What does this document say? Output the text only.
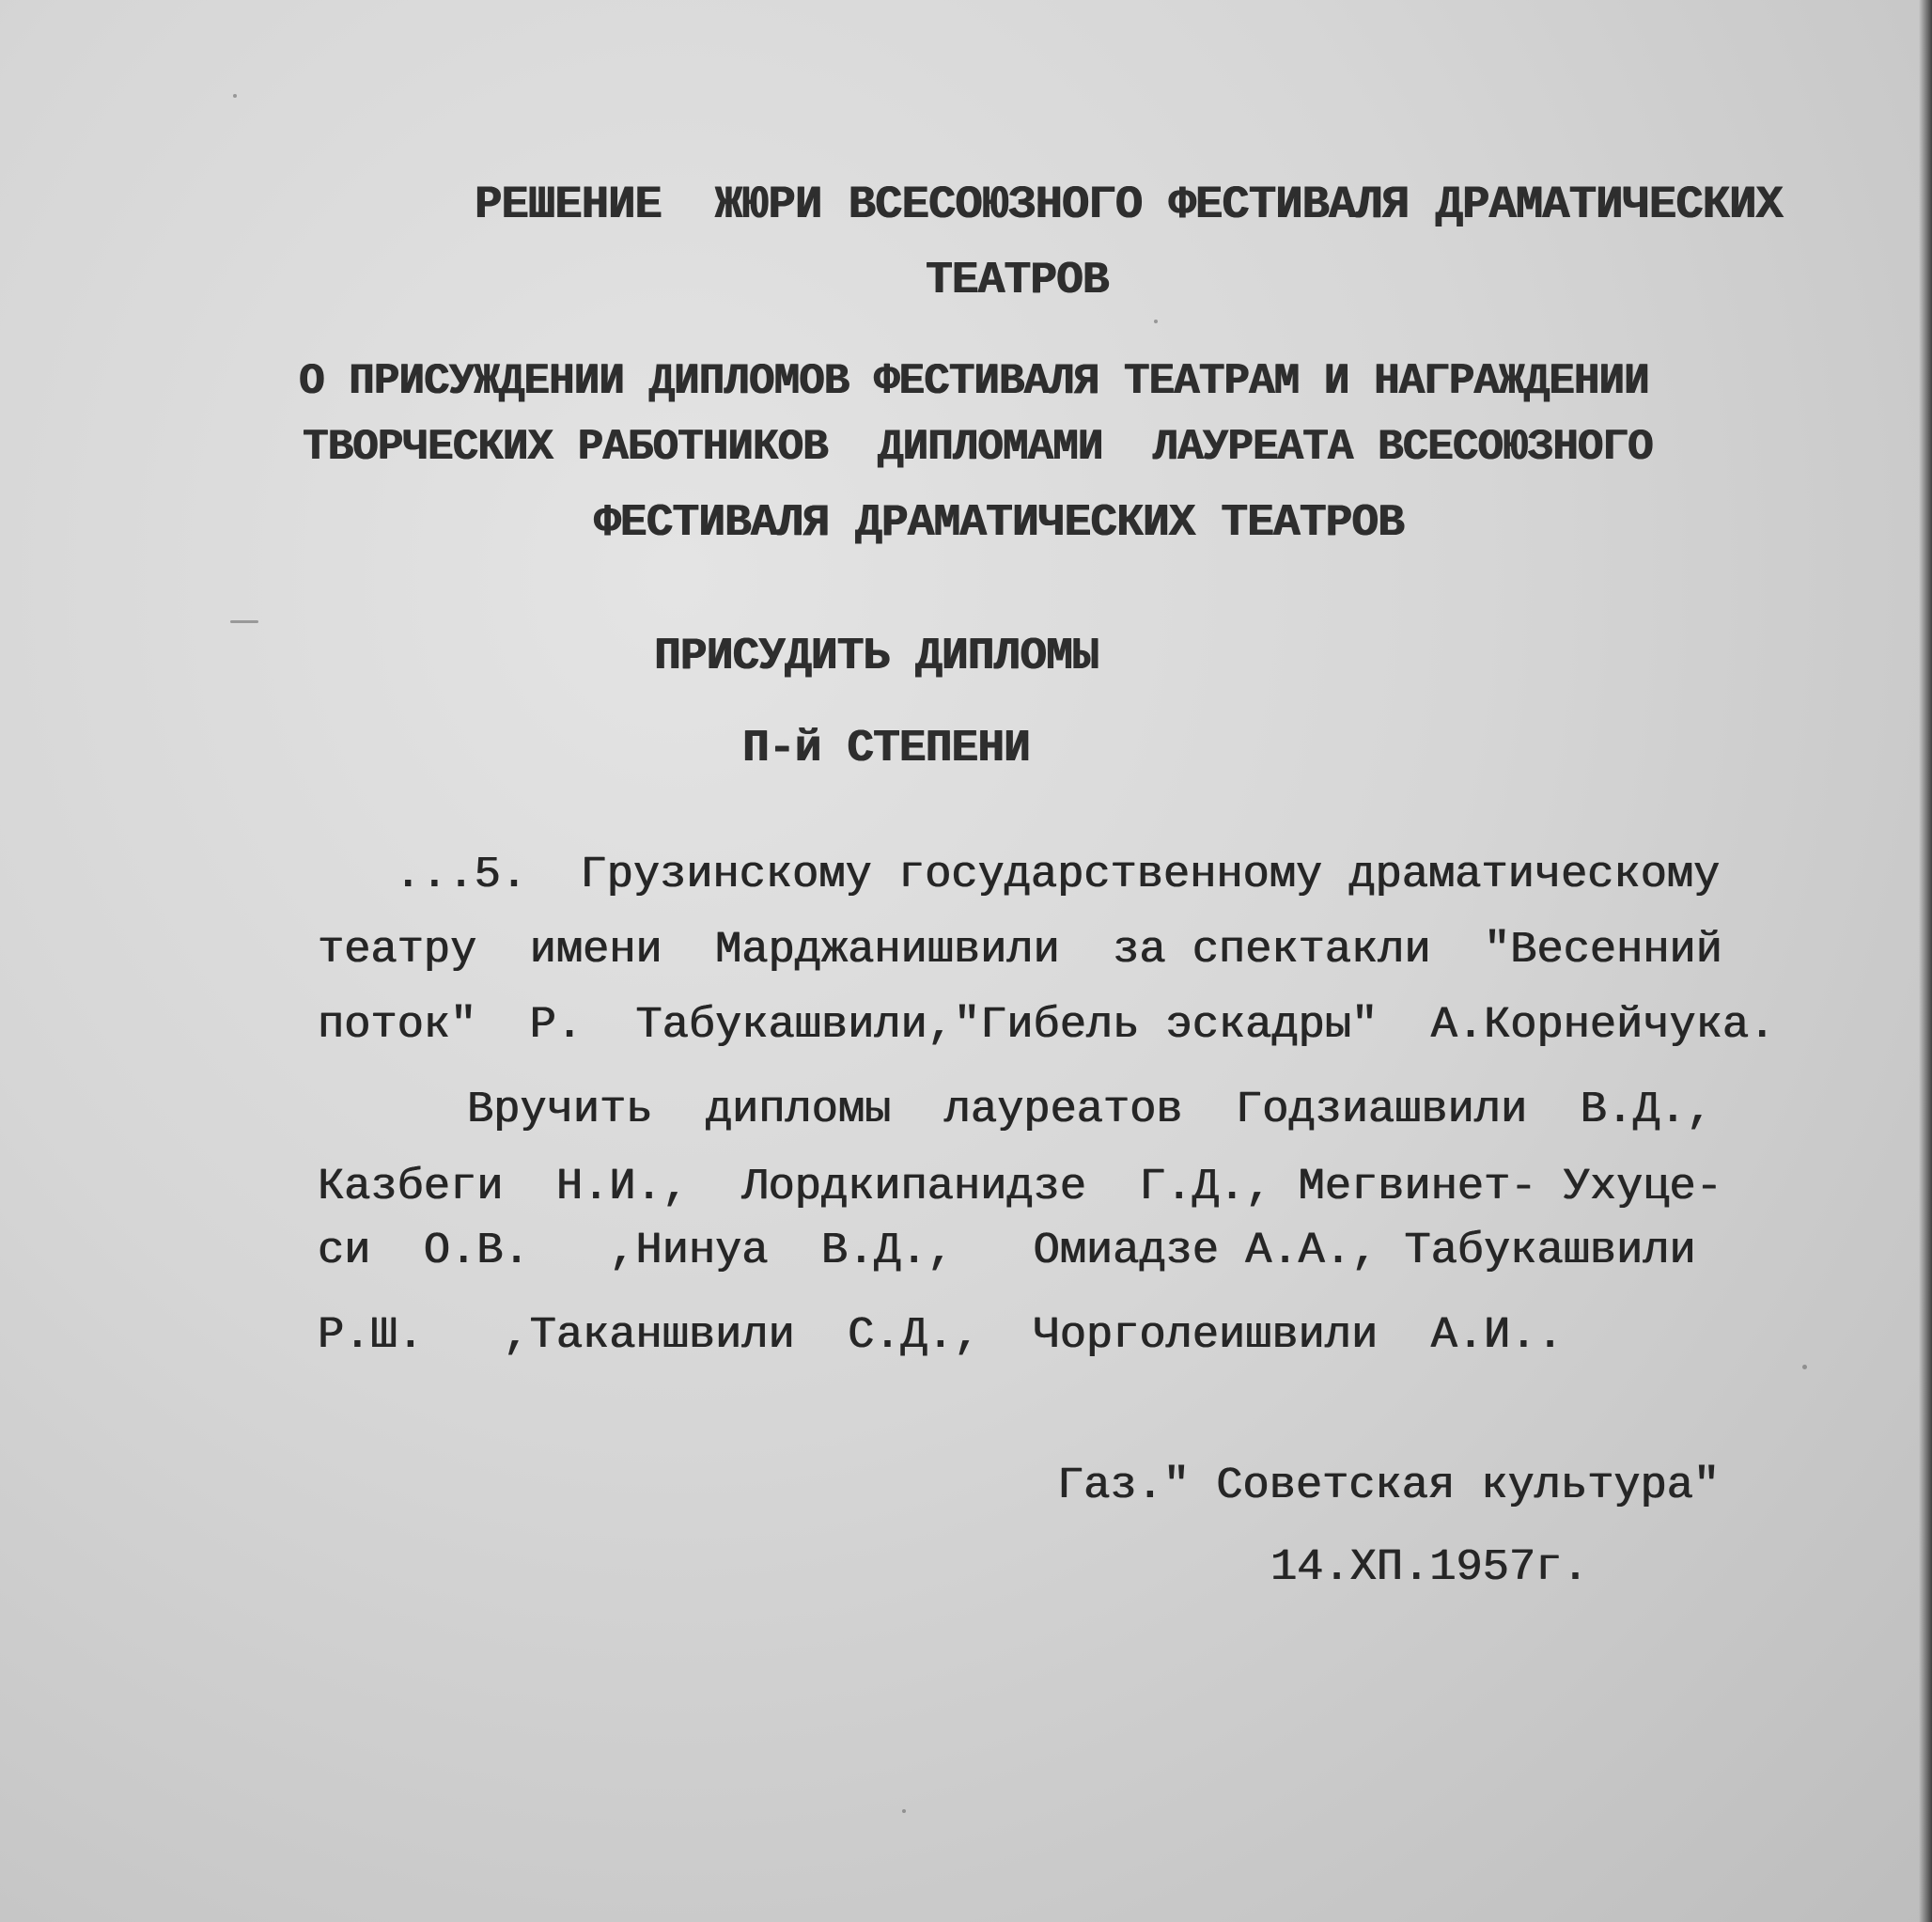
РЕШЕНИЕ  ЖЮРИ ВСЕСОЮЗНОГО ФЕСТИВАЛЯ ДРАМАТИЧЕСКИХ

ТЕАТРОВ

О ПРИСУЖДЕНИИ ДИПЛОМОВ ФЕСТИВАЛЯ ТЕАТРАМ И НАГРАЖДЕНИИ

ТВОРЧЕСКИХ РАБОТНИКОВ  ДИПЛОМАМИ  ЛАУРЕАТА ВСЕСОЮЗНОГО

ФЕСТИВАЛЯ ДРАМАТИЧЕСКИХ ТЕАТРОВ

ПРИСУДИТЬ ДИПЛОМЫ

П-й СТЕПЕНИ

...5.  Грузинскому государственному драматическому

театру  имени  Марджанишвили  за спектакли  "Весенний

поток"  Р.  Табукашвили,"Гибель эскадры"  А.Корнейчука.

Вручить  дипломы  лауреатов  Годзиашвили  В.Д.,

Казбеги  Н.И.,  Лордкипанидзе  Г.Д., Мегвинет- Ухуце-

си  О.В.   ,Нинуа  В.Д.,   Омиадзе А.А., Табукашвили

Р.Ш.   ,Таканшвили  С.Д.,  Чорголеишвили  А.И..

Газ." Советская культура"

14.ХП.1957г.
